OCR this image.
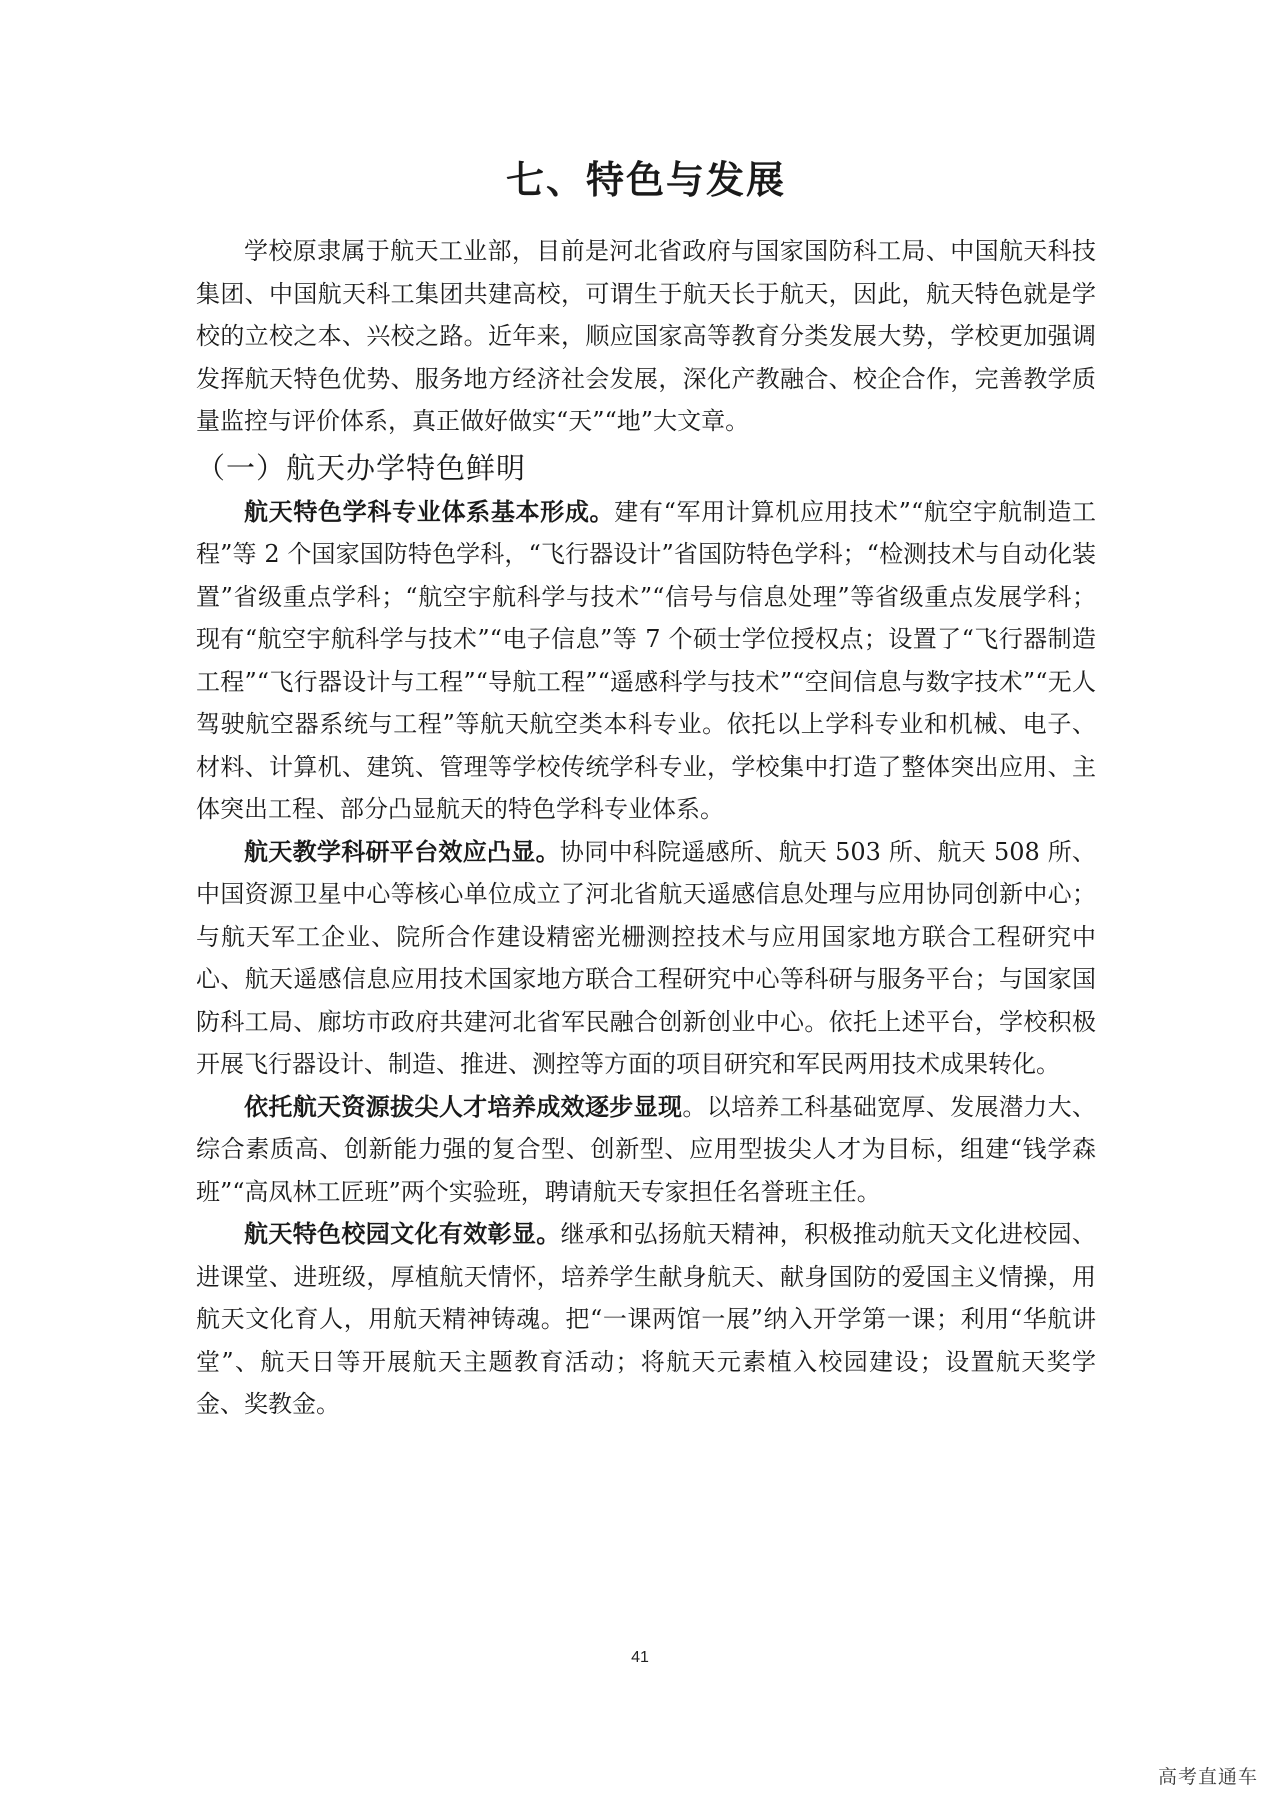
七、特色与发展

学校原隶属于航天工业部，目前是河北省政府与国家国防科工局、中国航天科技集团、中国航天科工集团共建高校，可谓生于航天长于航天，因此，航天特色就是学校的立校之本、兴校之路。近年来，顺应国家高等教育分类发展大势，学校更加强调发挥航天特色优势、服务地方经济社会发展，深化产教融合、校企合作，完善教学质量监控与评价体系，真正做好做实“天”“地”大文章。

（一）航天办学特色鲜明

航天特色学科专业体系基本形成。建有“军用计算机应用技术”“航空宇航制造工程”等 2 个国家国防特色学科，“飞行器设计”省国防特色学科；“检测技术与自动化装置”省级重点学科；“航空宇航科学与技术”“信号与信息处理”等省级重点发展学科；现有“航空宇航科学与技术”“电子信息”等 7 个硕士学位授权点；设置了“飞行器制造工程”“飞行器设计与工程”“导航工程”“遥感科学与技术”“空间信息与数字技术”“无人驾驶航空器系统与工程”等航天航空类本科专业。依托以上学科专业和机械、电子、材料、计算机、建筑、管理等学校传统学科专业，学校集中打造了整体突出应用、主体突出工程、部分凸显航天的特色学科专业体系。

航天教学科研平台效应凸显。协同中科院遥感所、航天 503 所、航天 508 所、中国资源卫星中心等核心单位成立了河北省航天遥感信息处理与应用协同创新中心；与航天军工企业、院所合作建设精密光栅测控技术与应用国家地方联合工程研究中心、航天遥感信息应用技术国家地方联合工程研究中心等科研与服务平台；与国家国防科工局、廊坊市政府共建河北省军民融合创新创业中心。依托上述平台，学校积极开展飞行器设计、制造、推进、测控等方面的项目研究和军民两用技术成果转化。

依托航天资源拔尖人才培养成效逐步显现。以培养工科基础宽厚、发展潜力大、综合素质高、创新能力强的复合型、创新型、应用型拔尖人才为目标，组建“钱学森班”“高凤林工匠班”两个实验班，聘请航天专家担任名誉班主任。

航天特色校园文化有效彰显。继承和弘扬航天精神，积极推动航天文化进校园、进课堂、进班级，厚植航天情怀，培养学生献身航天、献身国防的爱国主义情操，用航天文化育人，用航天精神铸魂。把“一课两馆一展”纳入开学第一课；利用“华航讲堂”、航天日等开展航天主题教育活动；将航天元素植入校园建设；设置航天奖学金、奖教金。

41
高考直通车
